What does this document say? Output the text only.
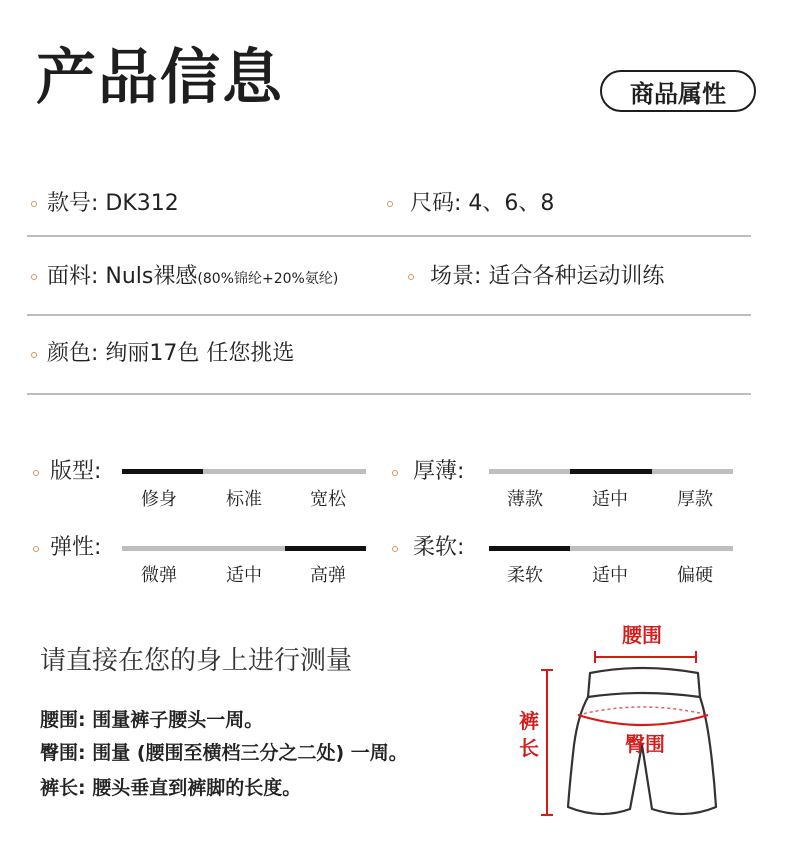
产品信息	商品属性
款号: DK312	尺码: 4、6、8
面料: Nuls裸感(80%锦纶+20%氨纶)	场景: 适合各种运动训练
颜色: 绚丽17色 任您挑选
版型:
修身	标准	宽松
厚薄:
薄款	适中	厚款
弹性:
微弹	适中	高弹
柔软:
柔软	适中	偏硬
请直接在您的身上进行测量
腰围: 围量裤子腰头一周。
臀围: 围量 (腰围至横档三分之二处) 一周。
裤长: 腰头垂直到裤脚的长度。
腰围
臀围
裤
长
